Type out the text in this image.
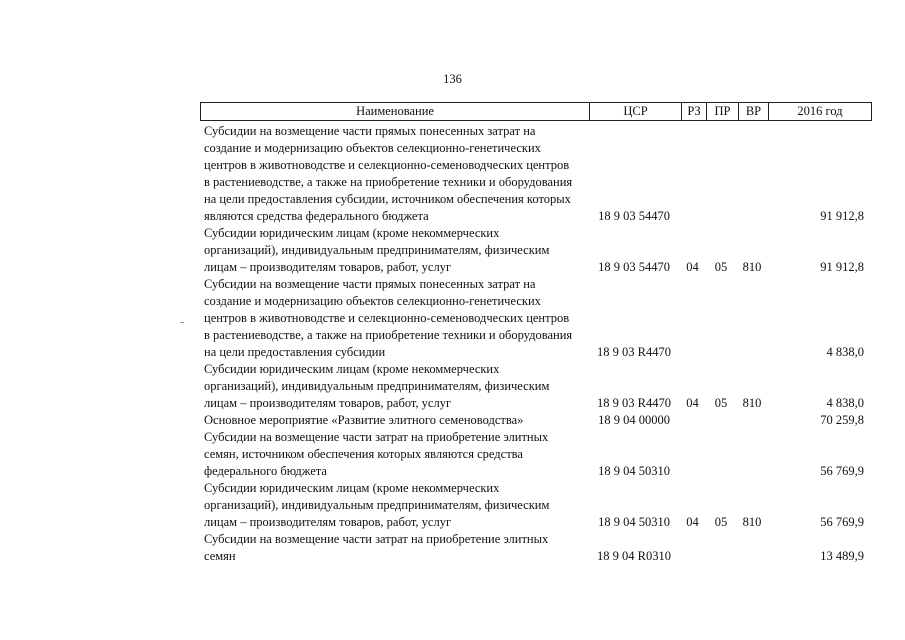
136
Наименование	ЦСР	РЗ	ПР	ВР	2016 год
Субсидии на возмещение части прямых понесенных затрат на
создание и модернизацию объектов селекционно-генетических
центров в животноводстве и селекционно-семеноводческих центров
в растениеводстве, а также на приобретение техники и оборудования
на цели предоставления субсидии, источником обеспечения которых
являются средства федерального бюджета	18 9 03 54470	91 912,8
Субсидии юридическим лицам (кроме некоммерческих
организаций), индивидуальным предпринимателям, физическим
лицам – производителям товаров, работ, услуг	18 9 03 54470	04	05	810	91 912,8
Субсидии на возмещение части прямых понесенных затрат на
создание и модернизацию объектов селекционно-генетических
центров в животноводстве и селекционно-семеноводческих центров
в растениеводстве, а также на приобретение техники и оборудования
на цели предоставления субсидии	18 9 03 R4470	4 838,0
Субсидии юридическим лицам (кроме некоммерческих
организаций), индивидуальным предпринимателям, физическим
лицам – производителям товаров, работ, услуг	18 9 03 R4470	04	05	810	4 838,0
Основное мероприятие «Развитие элитного семеноводства»	18 9 04 00000	70 259,8
Субсидии на возмещение части затрат на приобретение элитных
семян, источником обеспечения которых являются средства
федерального бюджета	18 9 04 50310	56 769,9
Субсидии юридическим лицам (кроме некоммерческих
организаций), индивидуальным предпринимателям, физическим
лицам – производителям товаров, работ, услуг	18 9 04 50310	04	05	810	56 769,9
Субсидии на возмещение части затрат на приобретение элитных
семян	18 9 04 R0310	13 489,9
